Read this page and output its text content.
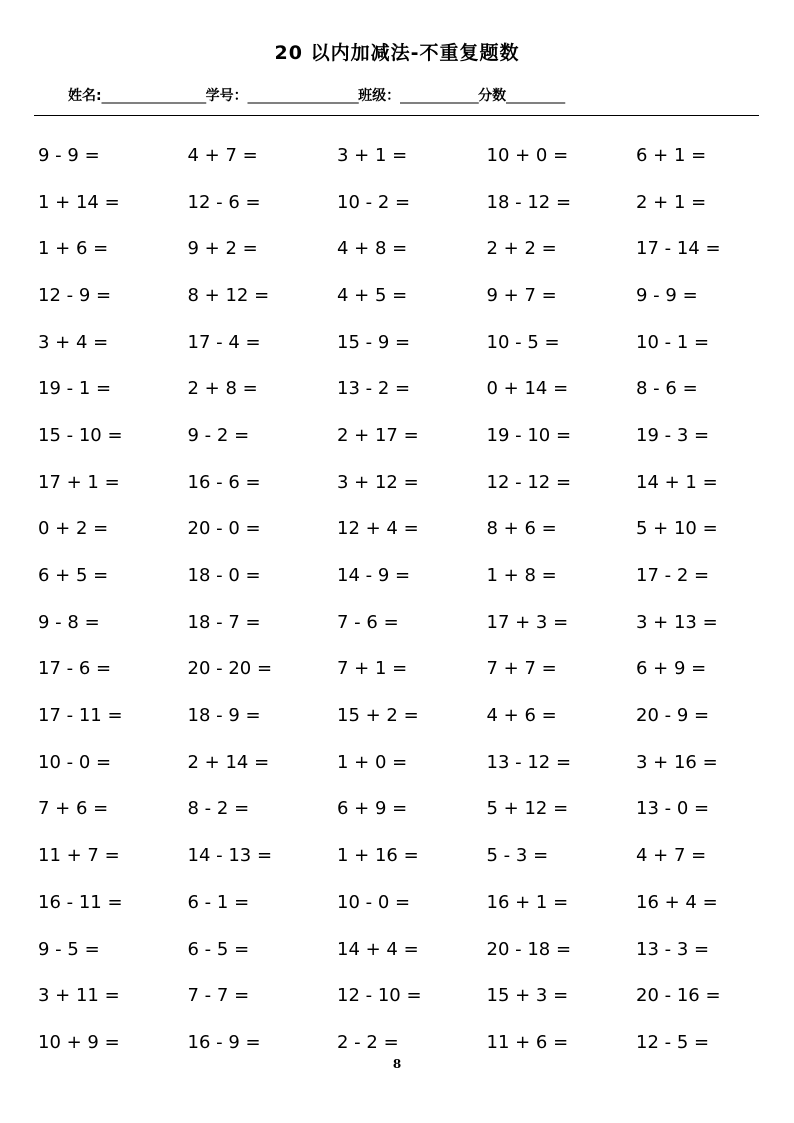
20 以内加减法-不重复题数
姓名:________________学号：_________________班级：____________分数_________
9 - 9 =	4 + 7 =	3 + 1 =	10 + 0 =	6 + 1 =
1 + 14 =	12 - 6 =	10 - 2 =	18 - 12 =	2 + 1 =
1 + 6 =	9 + 2 =	4 + 8 =	2 + 2 =	17 - 14 =
12 - 9 =	8 + 12 =	4 + 5 =	9 + 7 =	9 - 9 =
3 + 4 =	17 - 4 =	15 - 9 =	10 - 5 =	10 - 1 =
19 - 1 =	2 + 8 =	13 - 2 =	0 + 14 =	8 - 6 =
15 - 10 =	9 - 2 =	2 + 17 =	19 - 10 =	19 - 3 =
17 + 1 =	16 - 6 =	3 + 12 =	12 - 12 =	14 + 1 =
0 + 2 =	20 - 0 =	12 + 4 =	8 + 6 =	5 + 10 =
6 + 5 =	18 - 0 =	14 - 9 =	1 + 8 =	17 - 2 =
9 - 8 =	18 - 7 =	7 - 6 =	17 + 3 =	3 + 13 =
17 - 6 =	20 - 20 =	7 + 1 =	7 + 7 =	6 + 9 =
17 - 11 =	18 - 9 =	15 + 2 =	4 + 6 =	20 - 9 =
10 - 0 =	2 + 14 =	1 + 0 =	13 - 12 =	3 + 16 =
7 + 6 =	8 - 2 =	6 + 9 =	5 + 12 =	13 - 0 =
11 + 7 =	14 - 13 =	1 + 16 =	5 - 3 =	4 + 7 =
16 - 11 =	6 - 1 =	10 - 0 =	16 + 1 =	16 + 4 =
9 - 5 =	6 - 5 =	14 + 4 =	20 - 18 =	13 - 3 =
3 + 11 =	7 - 7 =	12 - 10 =	15 + 3 =	20 - 16 =
10 + 9 =	16 - 9 =	2 - 2 =	11 + 6 =	12 - 5 =
8
